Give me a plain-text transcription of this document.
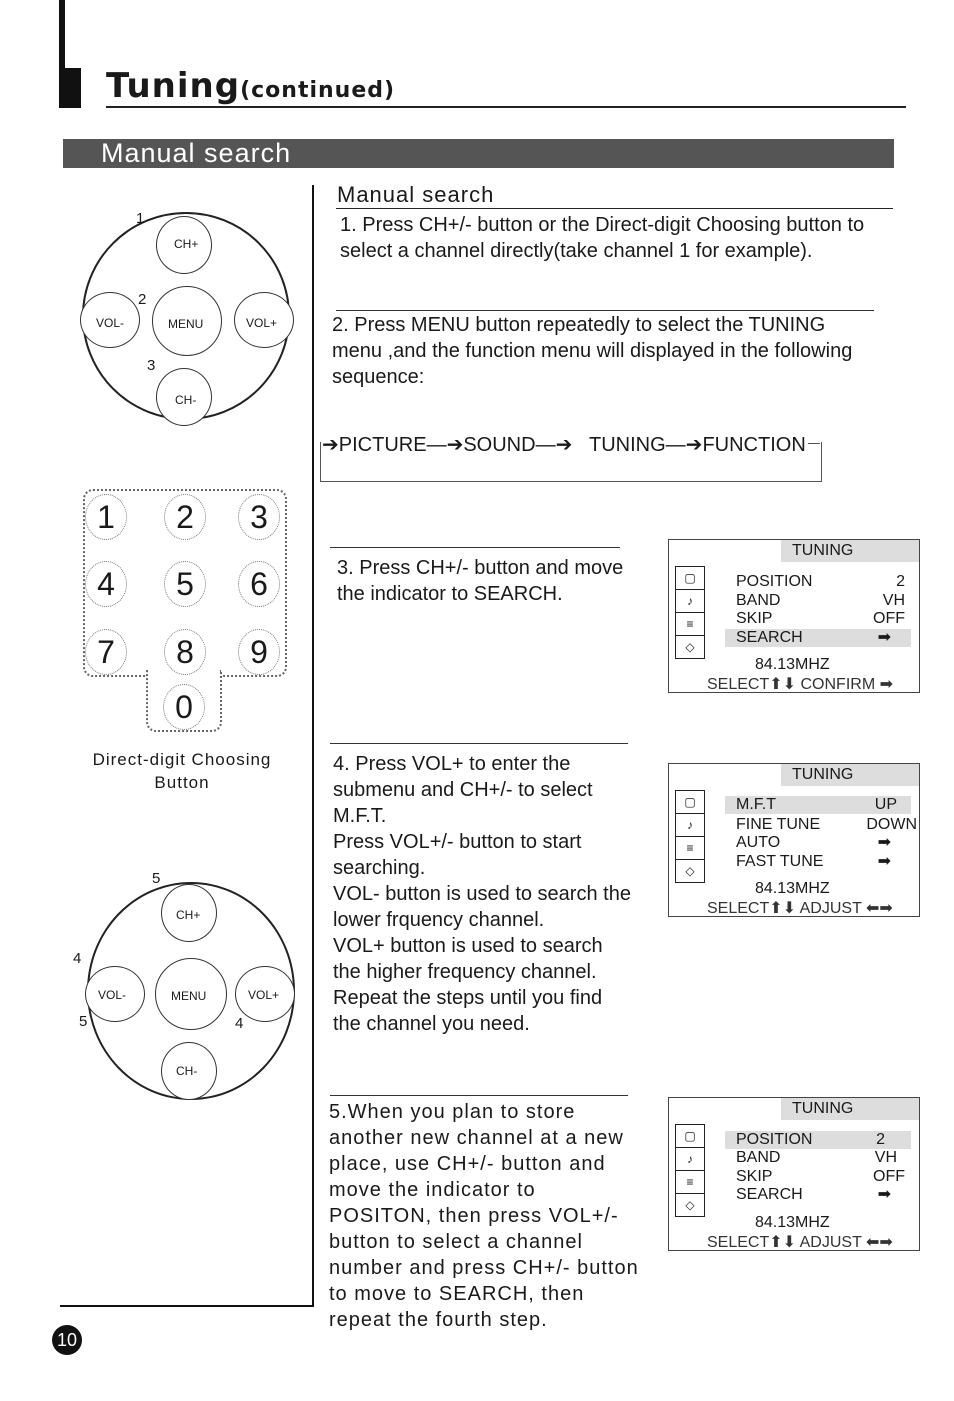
Tuning(continued)
Manual search
Manual search
1. Press CH+/- button or the Direct-digit Choosing button to
select a channel directly(take channel 1 for example).
2. Press MENU button repeatedly to select the TUNING
menu ,and the function menu will displayed in the following
sequence:
➔PICTURE—➔SOUND—➔   TUNING—➔FUNCTION
3. Press CH+/- button and move
the indicator to SEARCH.
4. Press VOL+ to enter the
submenu and CH+/- to select
M.F.T.
Press VOL+/- button to start
searching.
VOL- button is used to search the
lower frquency channel.
VOL+ button is used to search
the higher frequency channel.
Repeat the steps until you find
the channel you need.
5.When you plan to store
another new channel at a new
place, use CH+/- button and
move the indicator to
POSITON, then press VOL+/-
button to select a channel
number and press CH+/- button
to move to SEARCH, then
repeat the fourth step.
TUNING
▢
♪
≡
◇
POSITION	2
BAND	VH
SKIP	OFF
SEARCH	➡
84.13MHZ
SELECT⬆⬇ CONFIRM ➡
TUNING
▢
♪
≡
◇
M.F.T	UP
FINE TUNE	DOWN
AUTO	➡
FAST TUNE	➡
84.13MHZ
SELECT⬆⬇ ADJUST ⬅➡
TUNING
▢
♪
≡
◇
POSITION	2
BAND	VH
SKIP	OFF
SEARCH	➡
84.13MHZ
SELECT⬆⬇ ADJUST ⬅➡
CH+
CH-
VOL-	VOL+
MENU
1
2
3
1	2	3
4	5	6
7	8	9
0
Direct-digit Choosing
Button
CH+
CH-
VOL-	VOL+
MENU
5
4
5	4
10
